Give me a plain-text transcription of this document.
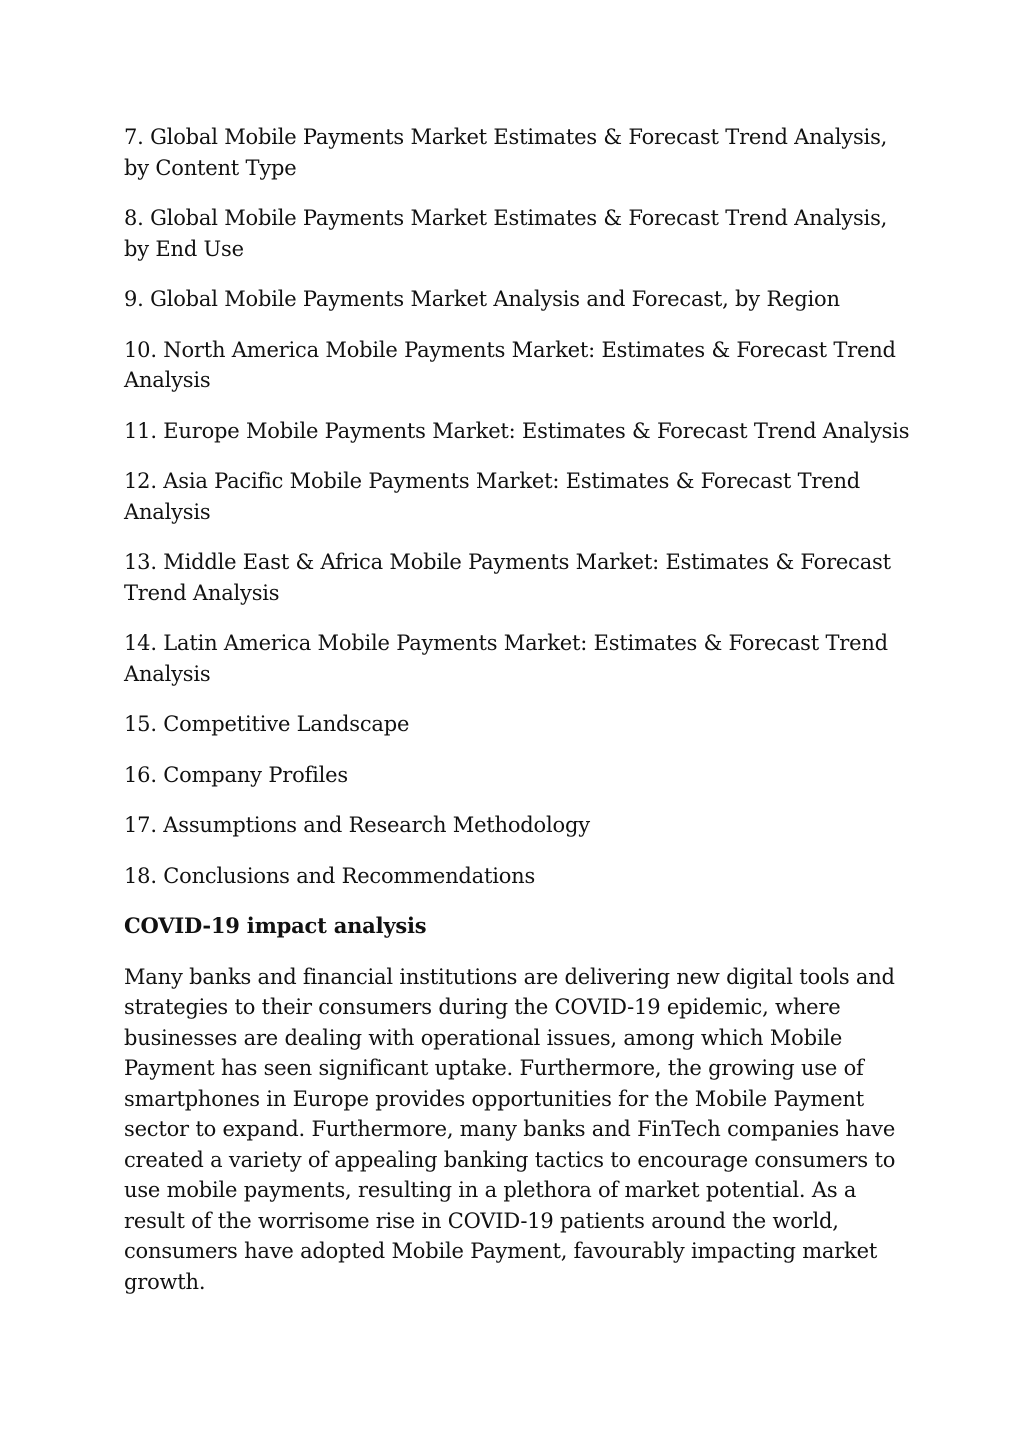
7. Global Mobile Payments Market Estimates & Forecast Trend Analysis, by Content Type

8. Global Mobile Payments Market Estimates & Forecast Trend Analysis, by End Use

9. Global Mobile Payments Market Analysis and Forecast, by Region

10. North America Mobile Payments Market: Estimates & Forecast Trend Analysis

11. Europe Mobile Payments Market: Estimates & Forecast Trend Analysis

12. Asia Pacific Mobile Payments Market: Estimates & Forecast Trend Analysis

13. Middle East & Africa Mobile Payments Market: Estimates & Forecast Trend Analysis

14. Latin America Mobile Payments Market: Estimates & Forecast Trend Analysis

15. Competitive Landscape

16. Company Profiles

17. Assumptions and Research Methodology

18. Conclusions and Recommendations

COVID-19 impact analysis

Many banks and financial institutions are delivering new digital tools and strategies to their consumers during the COVID-19 epidemic, where businesses are dealing with operational issues, among which Mobile Payment has seen significant uptake. Furthermore, the growing use of smartphones in Europe provides opportunities for the Mobile Payment sector to expand. Furthermore, many banks and FinTech companies have created a variety of appealing banking tactics to encourage consumers to use mobile payments, resulting in a plethora of market potential. As a result of the worrisome rise in COVID-19 patients around the world, consumers have adopted Mobile Payment, favourably impacting market growth.
